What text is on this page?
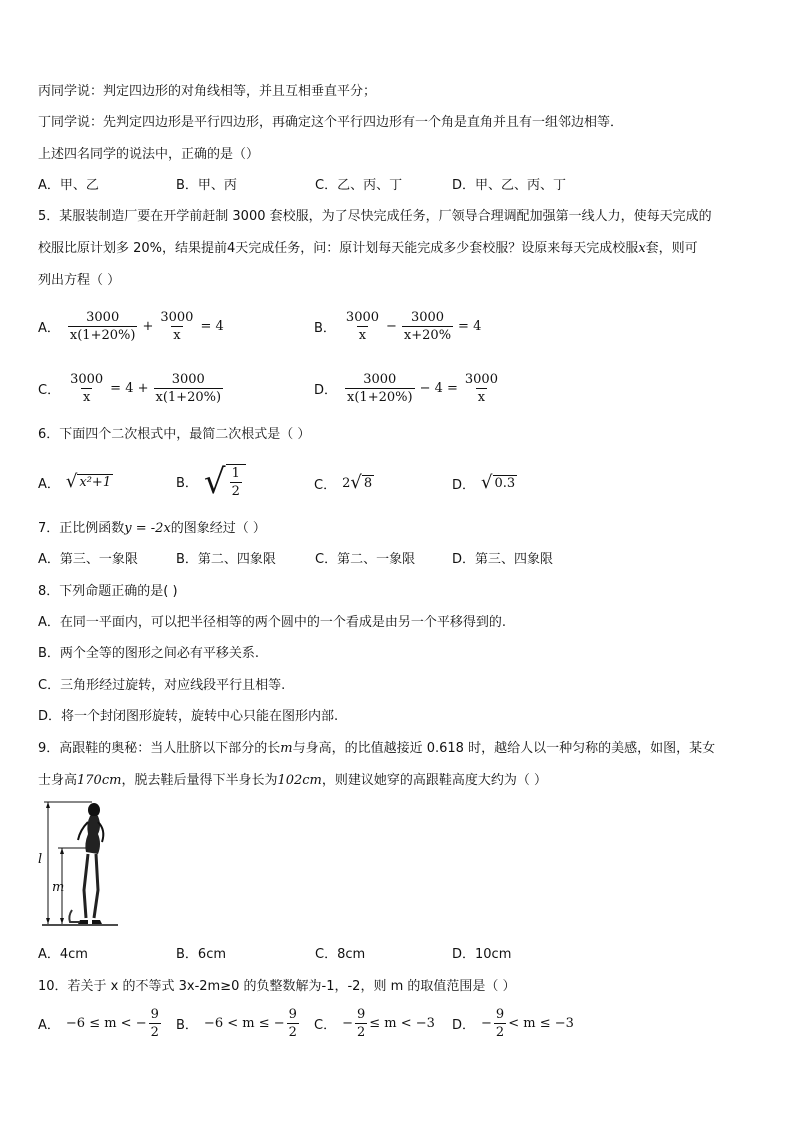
丙同学说：判定四边形的对角线相等，并且互相垂直平分；
丁同学说：先判定四边形是平行四边形，再确定这个平行四边形有一个角是直角并且有一组邻边相等．
上述四名同学的说法中，正确的是（）
A．甲、乙	B．甲、丙	C．乙、丙、丁	D．甲、乙、丙、丁
5．某服装制造厂要在开学前赶制 3000 套校服，为了尽快完成任务，厂领导合理调配加强第一线人力，使每天完成的
校服比原计划多 20%，结果提前4天完成任务，问：原计划每天能完成多少套校服？设原来每天完成校服x套，则可
列出方程（ ）
A． $\frac{3000}{x(1+20\%)} + \frac{3000}{x} = 4$	B． $\frac{3000}{x} - \frac{3000}{x+20\%} = 4$
C． $\frac{3000}{x} = 4 + \frac{3000}{x(1+20\%)}$	D． $\frac{3000}{x(1+20\%)} - 4 = \frac{3000}{x}$
6．下面四个二次根式中，最简二次根式是（ ）
A． √ x²+1	B． √ $\frac{1}{2}$	C． 2 √ 8	D． √ 0.3
7．正比例函数y = -2x的图象经过（ ）
A．第三、一象限	B．第二、四象限	C．第二、一象限	D．第三、四象限
8．下列命题正确的是( )
A．在同一平面内，可以把半径相等的两个圆中的一个看成是由另一个平移得到的.
B．两个全等的图形之间必有平移关系.
C．三角形经过旋转，对应线段平行且相等.
D．将一个封闭图形旋转，旋转中心只能在图形内部.
9．高跟鞋的奥秘：当人肚脐以下部分的长m与身高，的比值越接近 0.618 时，越给人以一种匀称的美感，如图，某女
士身高170cm，脱去鞋后量得下半身长为102cm，则建议她穿的高跟鞋高度大约为（ ）
l
m
A．4cm	B．6cm	C．8cm	D．10cm
10．若关于 x 的不等式 3x-2m≥0 的负整数解为-1，-2，则 m 的取值范围是（ ）
A． −6 ≤ m < − $\frac{9}{2}$ B． −6 < m ≤ − $\frac{9}{2}$ C． − $\frac{9}{2} \le m < -3$ D． − $\frac{9}{2} < m \le -3$
